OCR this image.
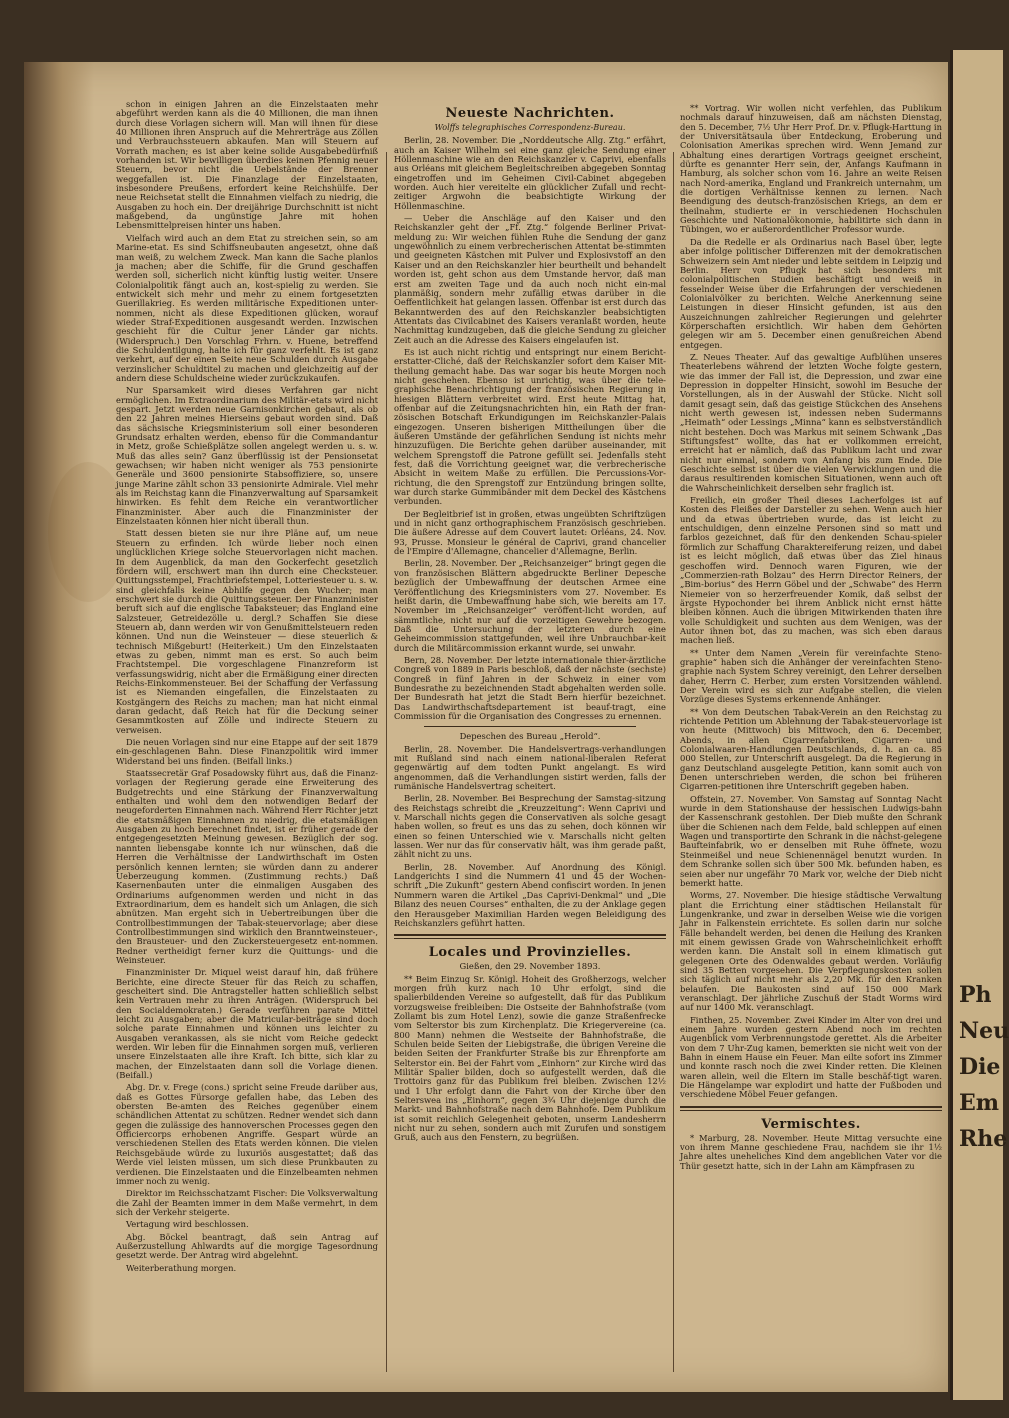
schon in einigen Jahren an die Einzelstaaten mehr abgeführt werden kann als die 40 Millionen, die man ihnen durch diese Vorlagen sichern will. Man will ihnen für diese 40 Millionen ihren Anspruch auf die Mehrerträge aus Zöllen und Verbrauchssteuern abkaufen. Man will Steuern auf Vorrath machen; es ist aber keine solide Ausgabebedürfniß vorhanden ist. Wir bewilligen überdies keinen Pfennig neuer Steuern, bevor nicht die Uebelstände der Brenner weggefallen ist. Die Finanzlage der Einzelstaaten, insbesondere Preußens, erfordert keine Reichshülfe. Der neue Reichsetat stellt die Einnahmen vielfach zu niedrig, die Ausgaben zu hoch ein. Der dreijährige Durchschnitt ist nicht maßgebend, da ungünstige Jahre mit hohen Lebensmittelpreisen hinter uns haben.

Vielfach wird auch an dem Etat zu streichen sein, so am Marine-etat. Es sind Schiffsneubauten angesetzt, ohne daß man weiß, zu welchem Zweck. Man kann die Sache planlos ja machen; aber die Schiffe, für die Grund geschaffen werden soll, sicherlich nicht künftig lustig weiter. Unsere Colonialpolitik fängt auch an, kost-spielig zu werden. Sie entwickelt sich mehr und mehr zu einem fortgesetzten Guerillakrieg. Es werden militärische Expeditionen unter-nommen, nicht als diese Expeditionen glücken, worauf wieder Straf-Expeditionen ausgesandt werden. Inzwischen geschieht für die Cultur jener Länder gar nichts. (Widerspruch.) Den Vorschlag Frhrn. v. Huene, betreffend die Schuldentilgung, halte ich für ganz verfehlt. Es ist ganz verkehrt, auf der einen Seite neue Schulden durch Ausgabe verzinslicher Schuldtitel zu machen und gleichzeitig auf der andern diese Schuldscheine wieder zurückzukaufen.

Nur Sparsamkeit wird dieses Verfahren gar nicht ermöglichen. Im Extraordinarium des Militär-etats wird nicht gespart. Jetzt werden neue Garnisonkirchen gebaut, als ob den 22 Jahren meines Hierseins gebaut worden sind. Daß das sächsische Kriegsministerium soll einer besonderen Grundsatz erhalten werden, ebenso für die Commandantur in Metz, große Schießplätze sollen angelegt werden u. s. w. Muß das alles sein? Ganz überflüssig ist der Pensionsetat gewachsen; wir haben nicht weniger als 753 pensionirte Generäle und 3600 pensionirte Stabsoffiziere, so, unsere junge Marine zählt schon 33 pensionirte Admirale. Viel mehr als im Reichstag kann die Finanzverwaltung auf Sparsamkeit hinwirken. Es fehlt dem Reiche ein verantwortlicher Finanzminister. Aber auch die Finanzminister der Einzelstaaten können hier nicht überall thun.

Statt dessen bieten sie nur ihre Pläne auf, um neue Steuern zu erfinden. Ich würde lieber noch einen unglücklichen Kriege solche Steuervorlagen nicht machen. In dem Augenblick, da man den Gockerfecht gesetzlich fördern will, erschwert man ihn durch eine Checksteuer. Quittungsstempel, Frachtbriefstempel, Lotteriesteuer u. s. w. sind gleichfalls keine Abhilfe gegen den Wucher; man erschwert sie durch die Quittungssteuer. Der Finanzminister beruft sich auf die englische Tabaksteuer; das England eine Salzsteuer, Getreidezölle u. dergl.? Schaffen Sie diese Steuern ab, dann werden wir von Genußmittelsteuern reden können. Und nun die Weinsteuer — diese steuerlich & technisch Mißgeburt! (Heiterkeit.) Um den Einzelstaaten etwas zu geben, nimmt man es erst. So auch beim Frachtstempel. Die vorgeschlagene Finanzreform ist verfassungswidrig, nicht aber die Ermäßigung einer directen Reichs-Einkommensteuer. Bei der Schaffung der Verfassung ist es Niemanden eingefallen, die Einzelstaaten zu Kostgängern des Reichs zu machen; man hat nicht einmal daran gedacht, daß Reich hat für die Deckung seiner Gesammtkosten auf Zölle und indirecte Steuern zu verweisen.

Die neuen Vorlagen sind nur eine Etappe auf der seit 1879 ein-geschlagenen Bahn. Diese Finanzpolitik wird immer Widerstand bei uns finden. (Beifall links.)

Staatssecretär Graf Posadowsky führt aus, daß die Finanz-vorlagen der Regierung gerade eine Erweiterung des Budgetrechts und eine Stärkung der Finanzverwaltung enthalten und wohl dem den notwendigen Bedarf der neugeforderten Einnahmen nach. Während Herr Richter jetzt die etatsmäßigen Einnahmen zu niedrig, die etatsmäßigen Ausgaben zu hoch berechnet findet, ist er früher gerade der entgegengesetzten Meinung gewesen. Bezüglich der sog. nannten liebensgabe konnte ich nur wünschen, daß die Herren die Verhältnisse der Landwirthschaft im Osten persönlich kennen lernten; sie würden dann zu anderer Ueberzeugung kommen. (Zustimmung rechts.) Daß Kasernenbauten unter die einmaligen Ausgaben des Ordinariums aufgenommen werden und nicht in das Extraordinarium, dem es handelt sich um Anlagen, die sich abnützen. Man ergeht sich in Uebertreibungen über die Controllbestimmungen der Tabak-steuervorlage; aber diese Controllbestimmungen sind wirklich den Branntweinsteuer-, den Brausteuer- und den Zuckersteuergesetz ent-nommen. Redner vertheidigt ferner kurz die Quittungs- und die Weinsteuer.

Finanzminister Dr. Miquel weist darauf hin, daß frühere Berichte, eine directe Steuer für das Reich zu schaffen, gescheitert sind. Die Antragsteller hatten schließlich selbst kein Vertrauen mehr zu ihren Anträgen. (Widerspruch bei den Socialdemokraten.) Gerade verführen parate Mittel leicht zu Ausgaben; aber die Matricular-beiträge sind doch solche parate Einnahmen und können uns leichter zu Ausgaben verankassen, als sie nicht vom Reiche gedeckt werden. Wir leben für die Einnahmen sorgen muß, verlieren unsere Einzelstaaten alle ihre Kraft. Ich bitte, sich klar zu machen, der Einzelstaaten dann soll die Vorlage dienen. (Beifall.)

Abg. Dr. v. Frege (cons.) spricht seine Freude darüber aus, daß es Gottes Fürsorge gefallen habe, das Leben des obersten Be-amten des Reiches gegenüber einem schändlichen Attentat zu schützen. Redner wendet sich dann gegen die zulässige des hannoverschen Processes gegen den Officiercorps erhobenen Angriffe. Gespart würde an verschiedenen Stellen des Etats werden können. Die vielen Reichsgebäude würde zu luxuriös ausgestattet; daß das Werde viel leisten müssen, um sich diese Prunkbauten zu verdienen. Die Einzelstaaten und die Einzelbeamten nehmen immer noch zu wenig.

Direktor im Reichsschatzamt Fischer: Die Volksverwaltung die Zahl der Beamten immer in dem Maße vermehrt, in dem sich der Verkehr steigerte.

Vertagung wird beschlossen.

Abg. Böckel beantragt, daß sein Antrag auf Außerzustellung Ahlwardts auf die morgige Tagesordnung gesetzt werde. Der Antrag wird abgelehnt.

Weiterberathung morgen.

Neueste Nachrichten.
Wolffs telegraphisches Correspondenz-Bureau.

Berlin, 28. November. Die „Norddeutsche Allg. Ztg.“ erfährt, auch an Kaiser Wilhelm sei eine ganz gleiche Sendung einer Höllenmaschine wie an den Reichskanzler v. Caprivi, ebenfalls aus Orléans mit gleichem Begleitschreiben abgegeben Sonntag eingetroffen und im Geheimen Civil-Cabinet abgegeben worden. Auch hier vereitelte ein glücklicher Zufall und recht-zeitiger Argwohn die beabsichtigte Wirkung der Höllenmaschine.

— Ueber die Anschläge auf den Kaiser und den Reichskanzler geht der „Ff. Ztg.“ folgende Berliner Privat-meldung zu: Wir weichen fühlen Ruhe die Sendung der ganz ungewöhnlich zu einem verbrecherischen Attentat be-stimmten und geeigneten Kästchen mit Pulver und Explosivstoff an den Kaiser und an den Reichskanzler hier beurtheilt und behandelt worden ist, geht schon aus dem Umstande hervor, daß man erst am zweiten Tage und da auch noch nicht ein-mal planmäßig, sondern mehr zufällig etwas darüber in die Oeffentlichkeit hat gelangen lassen. Offenbar ist erst durch das Bekanntwerden des auf den Reichskanzler beabsichtigten Attentats das Civilcabinet des Kaisers veranlaßt worden, heute Nachmittag kundzugeben, daß die gleiche Sendung zu gleicher Zeit auch an die Adresse des Kaisers eingelaufen ist.

Es ist auch nicht richtig und entspringt nur einem Bericht-erstatter-Cliché, daß der Reichskanzler sofort dem Kaiser Mit-theilung gemacht habe. Das war sogar bis heute Morgen noch nicht geschehen. Ebenso ist unrichtig, was über die tele-graphische Benachrichtigung der französischen Regierung in hiesigen Blättern verbreitet wird. Erst heute Mittag hat, offenbar auf die Zeitungsnachrichten hin, ein Rath der fran-zösischen Botschaft Erkundigungen im Reichskanzler-Palais eingezogen. Unseren bisherigen Mittheilungen über die äußeren Umstände der gefährlichen Sendung ist nichts mehr hinzuzufügen. Die Berichte gehen darüber auseinander, mit welchem Sprengstoff die Patrone gefüllt sei. Jedenfalls steht fest, daß die Vorrichtung geeignet war, die verbrecherische Absicht in weitem Maße zu erfüllen. Die Percussions-Vor-richtung, die den Sprengstoff zur Entzündung bringen sollte, war durch starke Gummibänder mit dem Deckel des Kästchens verbunden.

Der Begleitbrief ist in großen, etwas ungeübten Schriftzügen und in nicht ganz orthographischem Französisch geschrieben. Die äußere Adresse auf dem Couvert lautet: Orléans, 24. Nov. 93, Prusse. Monsieur le général de Caprivi, grand chancelier de l'Empire d'Allemagne, chancelier d'Allemagne, Berlin.

Berlin, 28. November. Der „Reichsanzeiger“ bringt gegen die von französischen Blättern abgedruckte Berliner Depesche bezüglich der Umbewaffnung der deutschen Armee eine Veröffentlichung des Kriegsministers vom 27. November. Es heißt darin, die Umbewaffnung habe sich, wie bereits am 17. November im „Reichsanzeiger“ veröffent-licht worden, auf sämmtliche, nicht nur auf die vorzeitigen Gewehre bezogen. Daß die Untersuchung der letzteren durch eine Geheimcommission stattgefunden, weil ihre Unbrauchbar-keit durch die Militärcommission erkannt wurde, sei unwahr.

Bern, 28. November. Der letzte internationale thier-ärztliche Congreß von 1889 in Paris beschloß, daß der nächste (sechste) Congreß in fünf Jahren in der Schweiz in einer vom Bundesrathe zu bezeichnenden Stadt abgehalten werden solle. Der Bundesrath hat jetzt die Stadt Bern hierfür bezeichnet. Das Landwirthschaftsdepartement ist beauf-tragt, eine Commission für die Organisation des Congresses zu ernennen.

Depeschen des Bureau „Herold“.

Berlin, 28. November. Die Handelsvertrags-verhandlungen mit Rußland sind nach einem national-liberalen Referat gegenwärtig auf dem todten Punkt angelangt. Es wird angenommen, daß die Verhandlungen sistirt werden, falls der rumänische Handelsvertrag scheitert.

Berlin, 28. November. Bei Besprechung der Samstag-sitzung des Reichstags schreibt die „Kreuzzeitung“: Wenn Caprivi und v. Marschall nichts gegen die Conservativen als solche gesagt haben wollen, so freut es uns das zu sehen, doch können wir einen so feinen Unterschied wie v. Marschalls nicht gelten lassen. Wer nur das für conservativ hält, was ihm gerade paßt, zählt nicht zu uns.

Berlin, 28. November. Auf Anordnung des Königl. Landgerichts I sind die Nummern 41 und 45 der Wochen-schrift „Die Zukunft“ gestern Abend confiscirt worden. In jenen Nummern waren die Artikel „Das Caprivi-Denkmal“ und „Die Bilanz des neuen Courses“ enthalten, die zu der Anklage gegen den Herausgeber Maximilian Harden wegen Beleidigung des Reichskanzlers geführt hatten.

Locales und Provinzielles.

Gießen, den 29. November 1893.

** Beim Einzug Sr. Königl. Hoheit des Großherzogs, welcher morgen früh kurz nach 10 Uhr erfolgt, sind die spalierbildenden Vereine so aufgestellt, daß für das Publikum vorzugsweise freibleiben: Die Ostseite der Bahnhofstraße (vom Zollamt bis zum Hotel Lenz), sowie die ganze Straßenfrecke vom Selterstor bis zum Kirchenplatz. Die Kriegervereine (ca. 800 Mann) nehmen die Westseite der Bahnhofstraße, die Schulen beide Seiten der Liebigstraße, die übrigen Vereine die beiden Seiten der Frankfurter Straße bis zur Ehrenpforte am Selterstor ein. Bei der Fahrt vom „Einhorn“ zur Kirche wird das Militär Spalier bilden, doch so aufgestellt werden, daß die Trottoirs ganz für das Publikum frei bleiben. Zwischen 12½ und 1 Uhr erfolgt dann die Fahrt von der Kirche über den Selterswea ins „Einhorn“, gegen 3¾ Uhr diejenige durch die Markt- und Bahnhofstraße nach dem Bahnhofe. Dem Publikum ist somit reichlich Gelegenheit geboten, unserm Landesherrn nicht nur zu sehen, sondern auch mit Zurufen und sonstigem Gruß, auch aus den Fenstern, zu begrüßen.

** Vortrag. Wir wollen nicht verfehlen, das Publikum nochmals darauf hinzuweisen, daß am nächsten Dienstag, den 5. December, 7½ Uhr Herr Prof. Dr. v. Pflugk-Harttung in der Universitätsaula über Entdeckung, Eroberung und Colonisation Amerikas sprechen wird. Wenn Jemand zur Abhaltung eines derartigen Vortrags geeignet erscheint, dürfte es genannter Herr sein, der, Anfangs Kaufmann in Hamburg, als solcher schon vom 16. Jahre an weite Reisen nach Nord-amerika, England und Frankreich unternahm, um die dortigen Verhältnisse kennen zu lernen. Nach Beendigung des deutsch-französischen Kriegs, an dem er theilnahm, studierte er in verschiedenen Hochschulen Geschichte und Nationalökonomie, habilitirte sich dann in Tübingen, wo er außerordentlicher Professor wurde.

Da die Redelle er als Ordinarius nach Basel über, legte aber infolge politischer Differenzen mit der demokratischen Schweizern sein Amt nieder und lebte seitdem in Leipzig und Berlin. Herr von Pflugk hat sich besonders mit colonialpolitischen Studien beschäftigt und weiß in fesselnder Weise über die Erfahrungen der verschiedenen Colonialvölker zu berichten. Welche Anerkennung seine Leistungen in dieser Hinsicht gefunden, ist aus den Auszeichnungen zahlreicher Regierungen und gelehrter Körperschaften ersichtlich. Wir haben dem Gehörten gelegen wir am 5. December einen genußreichen Abend entgegen.

Z. Neues Theater. Auf das gewaltige Aufblühen unseres Theaterlebens während der letzten Woche folgte gestern, wie das immer der Fall ist, die Depression, und zwar eine Depression in doppelter Hinsicht, sowohl im Besuche der Vorstellungen, als in der Auswahl der Stücke. Nicht soll damit gesagt sein, daß das geistige Stückchen des Ansehens nicht werth gewesen ist, indessen neben Sudermanns „Heimath“ oder Lessings „Minna“ kann es selbstverständlich nicht bestehen. Doch was Markus mit seinem Schwank „Das Stiftungsfest“ wollte, das hat er vollkommen erreicht, erreicht hat er nämlich, daß das Publikum lacht und zwar nicht nur einmal, sondern von Anfang bis zum Ende. Die Geschichte selbst ist über die vielen Verwicklungen und die daraus resultirenden komischen Situationen, wenn auch oft die Wahrscheinlichkeit derselben sehr fraglich ist.

Freilich, ein großer Theil dieses Lacherfolges ist auf Kosten des Fleißes der Darsteller zu sehen. Wenn auch hier und da etwas übertrieben wurde, das ist leicht zu entschuldigen, denn einzelne Personen sind so matt und farblos gezeichnet, daß für den denkenden Schau-spieler förmlich zur Schaffung Charaktereiferung reizen, und dabei ist es leicht möglich, daß etwas über das Ziel hinaus geschoffen wird. Dennoch waren Figuren, wie der „Commerzien-rath Bolzau“ des Herrn Director Reiners, der „Bim-borius“ des Herrn Göbel und der „Schwabe“ des Herrn Niemeier von so herzerfreuender Komik, daß selbst der ärgste Hypochonder bei ihrem Anblick nicht ernst hätte bleiben können. Auch die übrigen Mitwirkenden thaten ihre volle Schuldigkeit und suchten aus dem Wenigen, was der Autor ihnen bot, das zu machen, was sich eben daraus machen ließ.

** Unter dem Namen „Verein für vereinfachte Steno-graphie“ haben sich die Anhänger der vereinfachten Steno-graphie nach System Schrey vereinigt, den Lehrer derselben daher, Herrn C. Herber, zum ersten Vorsitzenden wählend. Der Verein wird es sich zur Aufgabe stellen, die vielen Vorzüge dieses Systems erkennende Anhänger.

** Von dem Deutschen Tabak-Verein an den Reichstag zu richtende Petition um Ablehnung der Tabak-steuervorlage ist von heute (Mittwoch) bis Mittwoch, den 6. December, Abends, in allen Cigarrenfabriken, Cigarren- und Colonialwaaren-Handlungen Deutschlands, d. h. an ca. 85 000 Stellen, zur Unterschrift ausgelegt. Da die Regierung in ganz Deutschland ausgelegte Petition, kann somit auch von Denen unterschrieben werden, die schon bei früheren Cigarren-petitionen ihre Unterschrift gegeben haben.

Offstein, 27. November. Von Samstag auf Sonntag Nacht wurde in dem Stationshause der hessischen Ludwigs-bahn der Kassenschrank gestohlen. Der Dieb mußte den Schrank über die Schienen nach dem Felde, bald schleppen auf einen Wagen und transportirte den Schrank in die nächst-gelegene Baufteinfabrik, wo er denselben mit Ruhe öffnete, wozu Steinmeißel und neue Schienennägel benutzt wurden. In dem Schranke sollen sich über 500 Mk. befunden haben, es seien aber nur ungefähr 70 Mark vor, welche der Dieb nicht bemerkt hatte.

Worms, 27. November. Die hiesige städtische Verwaltung plant die Errichtung einer städtischen Heilanstalt für Lungenkranke, und zwar in derselben Weise wie die vorigen Jahr in Falkenstein errichtete. Es sollen darin nur solche Fälle behandelt werden, bei denen die Heilung des Kranken mit einem gewissen Grade von Wahrscheinlichkeit erhofft werden kann. Die Anstalt soll in einem klimatisch gut gelegenen Orte des Odenwaldes gebaut werden. Vorläufig sind 35 Betten vorgesehen. Die Verpflegungskosten sollen sich täglich auf nicht mehr als 2,20 Mk. für den Kranken belaufen. Die Baukosten sind auf 150 000 Mark veranschlagt. Der jährliche Zuschuß der Stadt Worms wird auf nur 1400 Mk. veranschlagt.

Finthen, 25. November. Zwei Kinder im Alter von drei und einem Jahre wurden gestern Abend noch im rechten Augenblick vom Verbrennungstode gerettet. Als die Arbeiter von dem 7 Uhr-Zug kamen, bemerkten sie nicht weit von der Bahn in einem Hause ein Feuer. Man eilte sofort ins Zimmer und konnte rasch noch die zwei Kinder retten. Die Kleinen waren allein, weil die Eltern im Stalle beschäf-tigt waren. Die Hängelampe war explodirt und hatte der Fußboden und verschiedene Möbel Feuer gefangen.

Vermischtes.

* Marburg, 28. November. Heute Mittag versuchte eine von ihrem Manne geschiedene Frau, nachdem sie ihr 1½ Jahre altes uneheliches Kind dem angeblichen Vater vor die Thür gesetzt hatte, sich in der Lahn am Kämpfrasen zu

Ph
Neu
Die
Em
Rhe
